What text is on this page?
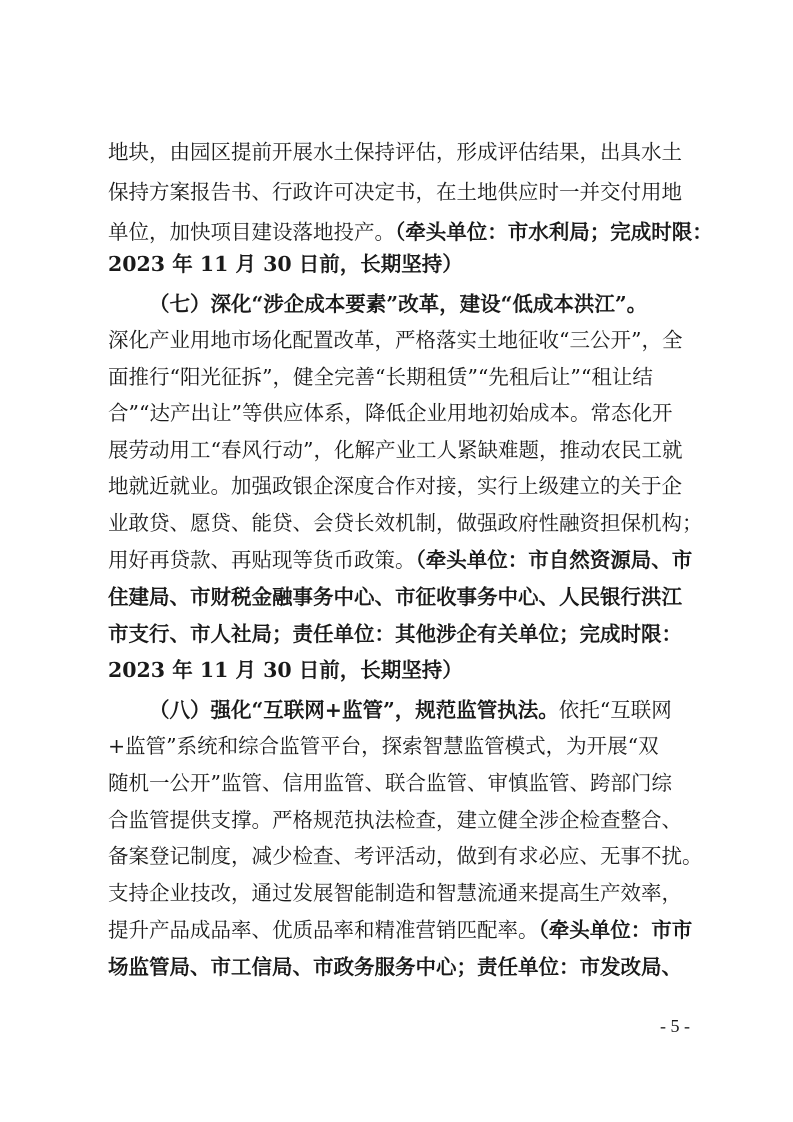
地块，由园区提前开展水土保持评估，形成评估结果，出具水土
保持方案报告书、行政许可决定书，在土地供应时一并交付用地
单位，加快项目建设落地投产。（牵头单位：市水利局；完成时限：
2023 年 11 月 30 日前，长期坚持）
（七）深化“涉企成本要素”改革，建设“低成本洪江”。
深化产业用地市场化配置改革，严格落实土地征收“三公开”，全
面推行“阳光征拆”，健全完善“长期租赁”“先租后让”“租让结
合”“达产出让”等供应体系，降低企业用地初始成本。常态化开
展劳动用工“春风行动”，化解产业工人紧缺难题，推动农民工就
地就近就业。加强政银企深度合作对接，实行上级建立的关于企
业敢贷、愿贷、能贷、会贷长效机制，做强政府性融资担保机构；
用好再贷款、再贴现等货币政策。（牵头单位：市自然资源局、市
住建局、市财税金融事务中心、市征收事务中心、人民银行洪江
市支行、市人社局；责任单位：其他涉企有关单位；完成时限：
2023 年 11 月 30 日前，长期坚持）
（八）强化“互联网+监管”，规范监管执法。依托“互联网
+监管”系统和综合监管平台，探索智慧监管模式，为开展“双
随机一公开”监管、信用监管、联合监管、审慎监管、跨部门综
合监管提供支撑。严格规范执法检查，建立健全涉企检查整合、
备案登记制度，减少检查、考评活动，做到有求必应、无事不扰。
支持企业技改，通过发展智能制造和智慧流通来提高生产效率，
提升产品成品率、优质品率和精准营销匹配率。（牵头单位：市市
场监管局、市工信局、市政务服务中心；责任单位：市发改局、
- 5 -
